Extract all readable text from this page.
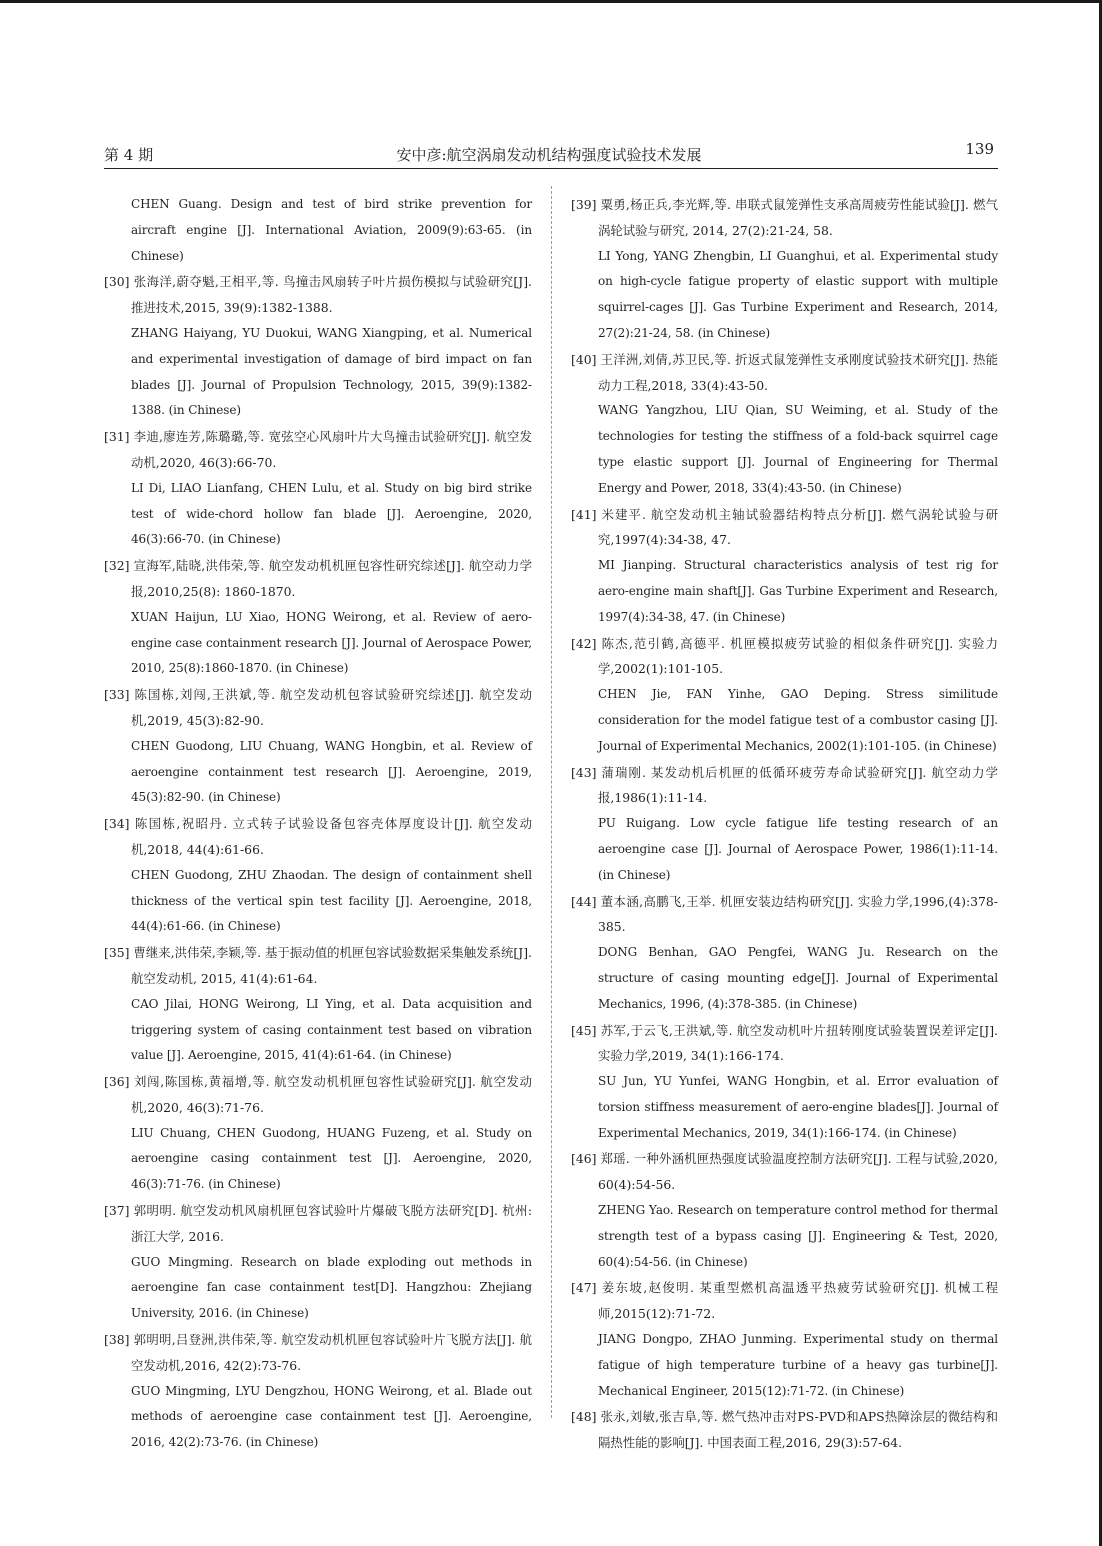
第 4 期	安中彦:航空涡扇发动机结构强度试验技术发展	139
CHEN Guang. Design and test of bird strike prevention for aircraft engine [J]. International Aviation, 2009(9):63-65. (in Chinese)
[30] 张海洋,蔚夺魁,王相平,等. 鸟撞击风扇转子叶片损伤模拟与试验研究[J]. 推进技术,2015, 39(9):1382-1388.
ZHANG Haiyang, YU Duokui, WANG Xiangping, et al. Numerical and experimental investigation of damage of bird impact on fan blades [J]. Journal of Propulsion Technology, 2015, 39(9):1382-1388. (in Chinese)
[31] 李迪,廖连芳,陈璐璐,等. 宽弦空心风扇叶片大鸟撞击试验研究[J]. 航空发动机,2020, 46(3):66-70.
LI Di, LIAO Lianfang, CHEN Lulu, et al. Study on big bird strike test of wide-chord hollow fan blade [J]. Aeroengine, 2020, 46(3):66-70. (in Chinese)
[32] 宣海军,陆晓,洪伟荣,等. 航空发动机机匣包容性研究综述[J]. 航空动力学报,2010,25(8): 1860-1870.
XUAN Haijun, LU Xiao, HONG Weirong, et al. Review of aero-engine case containment research [J]. Journal of Aerospace Power, 2010, 25(8):1860-1870. (in Chinese)
[33] 陈国栋,刘闯,王洪斌,等. 航空发动机包容试验研究综述[J]. 航空发动机,2019, 45(3):82-90.
CHEN Guodong, LIU Chuang, WANG Hongbin, et al. Review of aeroengine containment test research [J]. Aeroengine, 2019, 45(3):82-90. (in Chinese)
[34] 陈国栋,祝昭丹. 立式转子试验设备包容壳体厚度设计[J]. 航空发动机,2018, 44(4):61-66.
CHEN Guodong, ZHU Zhaodan. The design of containment shell thickness of the vertical spin test facility [J]. Aeroengine, 2018, 44(4):61-66. (in Chinese)
[35] 曹继来,洪伟荣,李颖,等. 基于振动值的机匣包容试验数据采集触发系统[J]. 航空发动机, 2015, 41(4):61-64.
CAO Jilai, HONG Weirong, LI Ying, et al. Data acquisition and triggering system of casing containment test based on vibration value [J]. Aeroengine, 2015, 41(4):61-64. (in Chinese)
[36] 刘闯,陈国栋,黄福增,等. 航空发动机机匣包容性试验研究[J]. 航空发动机,2020, 46(3):71-76.
LIU Chuang, CHEN Guodong, HUANG Fuzeng, et al. Study on aeroengine casing containment test [J]. Aeroengine, 2020, 46(3):71-76. (in Chinese)
[37] 郭明明. 航空发动机风扇机匣包容试验叶片爆破飞脱方法研究[D]. 杭州:浙江大学, 2016.
GUO Mingming. Research on blade exploding out methods in aeroengine fan case containment test[D]. Hangzhou: Zhejiang University, 2016. (in Chinese)
[38] 郭明明,吕登洲,洪伟荣,等. 航空发动机机匣包容试验叶片飞脱方法[J]. 航空发动机,2016, 42(2):73-76.
GUO Mingming, LYU Dengzhou, HONG Weirong, et al. Blade out methods of aeroengine case containment test [J]. Aeroengine, 2016, 42(2):73-76. (in Chinese)
[39] 粟勇,杨正兵,李光辉,等. 串联式鼠笼弹性支承高周疲劳性能试验[J]. 燃气涡轮试验与研究, 2014, 27(2):21-24, 58.
LI Yong, YANG Zhengbin, LI Guanghui, et al. Experimental study on high-cycle fatigue property of elastic support with multiple squirrel-cages [J]. Gas Turbine Experiment and Research, 2014, 27(2):21-24, 58. (in Chinese)
[40] 王洋洲,刘倩,苏卫民,等. 折返式鼠笼弹性支承刚度试验技术研究[J]. 热能动力工程,2018, 33(4):43-50.
WANG Yangzhou, LIU Qian, SU Weiming, et al. Study of the technologies for testing the stiffness of a fold-back squirrel cage type elastic support [J]. Journal of Engineering for Thermal Energy and Power, 2018, 33(4):43-50. (in Chinese)
[41] 米建平. 航空发动机主轴试验器结构特点分析[J]. 燃气涡轮试验与研究,1997(4):34-38, 47.
MI Jianping. Structural characteristics analysis of test rig for aero-engine main shaft[J]. Gas Turbine Experiment and Research, 1997(4):34-38, 47. (in Chinese)
[42] 陈杰,范引鹤,高德平. 机匣模拟疲劳试验的相似条件研究[J]. 实验力学,2002(1):101-105.
CHEN Jie, FAN Yinhe, GAO Deping. Stress similitude consideration for the model fatigue test of a combustor casing [J]. Journal of Experimental Mechanics, 2002(1):101-105. (in Chinese)
[43] 蒲瑞刚. 某发动机后机匣的低循环疲劳寿命试验研究[J]. 航空动力学报,1986(1):11-14.
PU Ruigang. Low cycle fatigue life testing research of an aeroengine case [J]. Journal of Aerospace Power, 1986(1):11-14. (in Chinese)
[44] 董本涵,高鹏飞,王举. 机匣安装边结构研究[J]. 实验力学,1996,(4):378-385.
DONG Benhan, GAO Pengfei, WANG Ju. Research on the structure of casing mounting edge[J]. Journal of Experimental Mechanics, 1996, (4):378-385. (in Chinese)
[45] 苏军,于云飞,王洪斌,等. 航空发动机叶片扭转刚度试验装置误差评定[J]. 实验力学,2019, 34(1):166-174.
SU Jun, YU Yunfei, WANG Hongbin, et al. Error evaluation of torsion stiffness measurement of aero-engine blades[J]. Journal of Experimental Mechanics, 2019, 34(1):166-174. (in Chinese)
[46] 郑瑶. 一种外涵机匣热强度试验温度控制方法研究[J]. 工程与试验,2020, 60(4):54-56.
ZHENG Yao. Research on temperature control method for thermal strength test of a bypass casing [J]. Engineering & Test, 2020, 60(4):54-56. (in Chinese)
[47] 姜东坡,赵俊明. 某重型燃机高温透平热疲劳试验研究[J]. 机械工程师,2015(12):71-72.
JIANG Dongpo, ZHAO Junming. Experimental study on thermal fatigue of high temperature turbine of a heavy gas turbine[J]. Mechanical Engineer, 2015(12):71-72. (in Chinese)
[48] 张永,刘敏,张吉阜,等. 燃气热冲击对PS-PVD和APS热障涂层的微结构和隔热性能的影响[J]. 中国表面工程,2016, 29(3):57-64.
